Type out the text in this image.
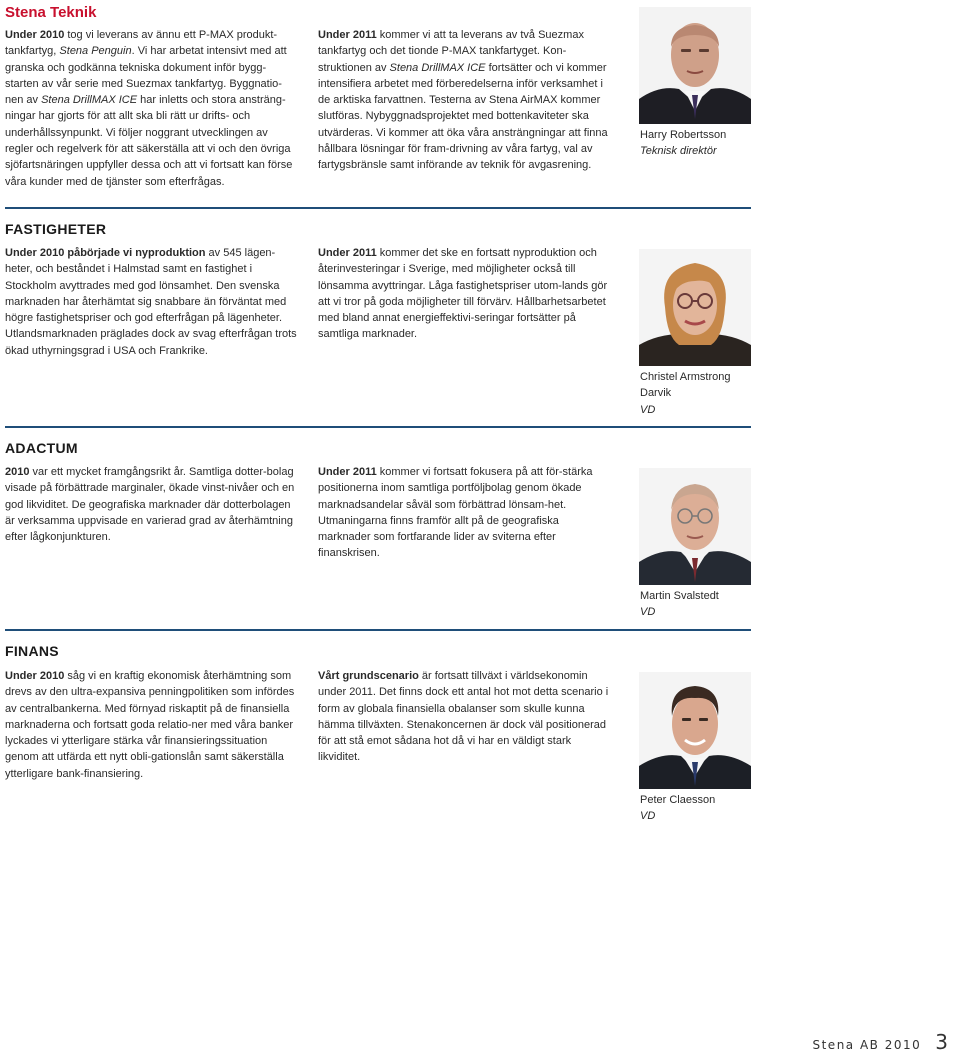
Stena Teknik

Under 2010 tog vi leverans av ännu ett P-MAX produkt-tankfartyg, Stena Penguin. Vi har arbetat intensivt med att granska och godkänna tekniska dokument inför bygg-starten av vår serie med Suezmax tankfartyg. Byggnatio-nen av Stena DrillMAX ICE har inletts och stora ansträng-ningar har gjorts för att allt ska bli rätt ur drifts- och underhållssynpunkt. Vi följer noggrant utvecklingen av regler och regelverk för att säkerställa att vi och den övriga sjöfartsnäringen uppfyller dessa och att vi fortsatt kan förse våra kunder med de tjänster som efterfrågas.

Under 2011 kommer vi att ta leverans av två Suezmax tankfartyg och det tionde P-MAX tankfartyget. Kon-struktionen av Stena DrillMAX ICE fortsätter och vi kommer intensifiera arbetet med förberedelserna inför verksamhet i de arktiska farvattnen. Testerna av Stena AirMAX kommer slutföras. Nybyggnadsprojektet med bottenkaviteter ska utvärderas. Vi kommer att öka våra ansträngningar att finna hållbara lösningar för fram-drivning av våra fartyg, val av fartygsbränsle samt införande av teknik för avgasrening.

Harry Robertsson
Teknisk direktör
FASTIGHETER

Under 2010 påbörjade vi nyproduktion av 545 lägen-heter, och beståndet i Halmstad samt en fastighet i Stockholm avyttrades med god lönsamhet. Den svenska marknaden har återhämtat sig snabbare än förväntat med högre fastighetspriser och god efterfrågan på lägenheter. Utlandsmarknaden präglades dock av svag efterfrågan trots ökad uthyrningsgrad i USA och Frankrike.

Under 2011 kommer det ske en fortsatt nyproduktion och återinvesteringar i Sverige, med möjligheter också till lönsamma avyttringar. Låga fastighetspriser utom-lands gör att vi tror på goda möjligheter till förvärv. Hållbarhetsarbetet med bland annat energieffektivi-seringar fortsätter på samtliga marknader.

Christel Armstrong
Darvik
VD
ADACTUM

2010 var ett mycket framgångsrikt år. Samtliga dotter-bolag visade på förbättrade marginaler, ökade vinst-nivåer och en god likviditet. De geografiska marknader där dotterbolagen är verksamma uppvisade en varierad grad av återhämtning efter lågkonjunkturen.

Under 2011 kommer vi fortsatt fokusera på att för-stärka positionerna inom samtliga portföljbolag genom ökade marknadsandelar såväl som förbättrad lönsam-het. Utmaningarna finns framför allt på de geografiska marknader som fortfarande lider av sviterna efter finanskrisen.

Martin Svalstedt
VD
FINANS

Under 2010 såg vi en kraftig ekonomisk återhämtning som drevs av den ultra-expansiva penningpolitiken som infördes av centralbankerna. Med förnyad riskaptit på de finansiella marknaderna och fortsatt goda relatio-ner med våra banker lyckades vi ytterligare stärka vår finansieringssituation genom att utfärda ett nytt obli-gationslån samt säkerställa ytterligare bank-finansiering.

Vårt grundscenario är fortsatt tillväxt i världsekonomin under 2011. Det finns dock ett antal hot mot detta scenario i form av globala finansiella obalanser som skulle kunna hämma tillväxten. Stenakoncernen är dock väl positionerad för att stå emot sådana hot då vi har en väldigt stark likviditet.

Peter Claesson
VD
Stena AB 2010 3
